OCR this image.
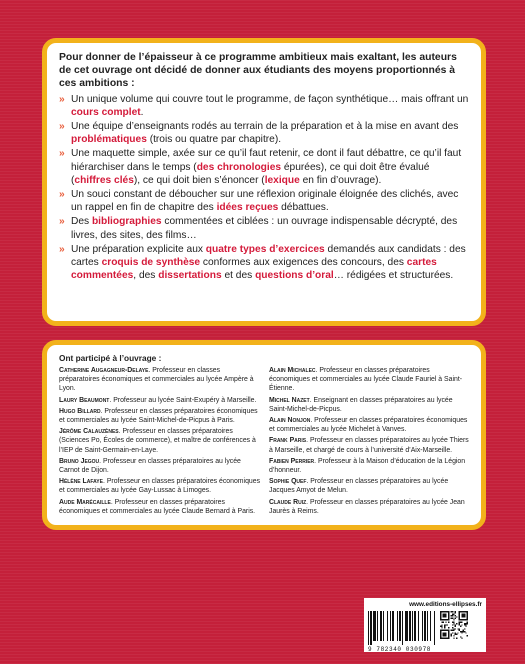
Pour donner de l’épaisseur à ce programme ambitieux mais exaltant, les auteurs de cet ouvrage ont décidé de donner aux étudiants des moyens proportionnés à ces ambitions :

» Un unique volume qui couvre tout le programme, de façon synthétique… mais offrant un cours complet.
» Une équipe d’enseignants rodés au terrain de la préparation et à la mise en avant des problématiques (trois ou quatre par chapitre).
» Une maquette simple, axée sur ce qu’il faut retenir, ce dont il faut débattre, ce qu’il faut hiérarchiser dans le temps (des chronologies épurées), ce qui doit être évalué (chiffres clés), ce qui doit bien s’énoncer (lexique en fin d’ouvrage).
» Un souci constant de déboucher sur une réflexion originale éloignée des clichés, avec un rappel en fin de chapitre des idées reçues débattues.
» Des bibliographies commentées et ciblées : un ouvrage indispensable décrypté, des livres, des sites, des films…
» Une préparation explicite aux quatre types d’exercices demandés aux candidats : des cartes croquis de synthèse conformes aux exigences des concours, des cartes commentées, des dissertations et des questions d’oral… rédigées et structurées.

Ont participé à l’ouvrage :

Catherine Augagneur-Delaye. Professeur en classes préparatoires économiques et commerciales au lycée Ampère à Lyon.

Laury Beaumont. Professeur au lycée Saint-Exupéry à Marseille.

Hugo Billard. Professeur en classes préparatoires économiques et commerciales au lycée Saint-Michel-de-Picpus à Paris.

Jérôme Calauzènes. Professeur en classes préparatoires (Sciences Po, Écoles de commerce), et maître de conférences à l’IEP de Saint-Germain-en-Laye.

Bruno Jegou. Professeur en classes préparatoires au lycée Carnot de Dijon.

Hélène Lafaye. Professeur en classes préparatoires économiques et commerciales au lycée Gay-Lussac à Limoges.

Aude Marécaille. Professeur en classes préparatoires économiques et commerciales au lycée Claude Bernard à Paris.

Alain Michalec. Professeur en classes préparatoires économiques et commerciales au lycée Claude Fauriel à Saint-Étienne.

Michel Nazet. Enseignant en classes préparatoires au lycée Saint-Michel-de-Picpus.

Alain Nonjon. Professeur en classes préparatoires économiques et commerciales au lycée Michelet à Vanves.

Frank Paris. Professeur en classes préparatoires au lycée Thiers à Marseille, et chargé de cours à l’université d’Aix-Marseille.

Fabien Perrier. Professeur à la Maison d’éducation de la Légion d’honneur.

Sophie Quef. Professeur en classes préparatoires au lycée Jacques Amyot de Melun.

Claude Ruiz. Professeur en classes préparatoires au lycée Jean Jaurès à Reims.

www.editions-ellipses.fr
9 782340 030978
